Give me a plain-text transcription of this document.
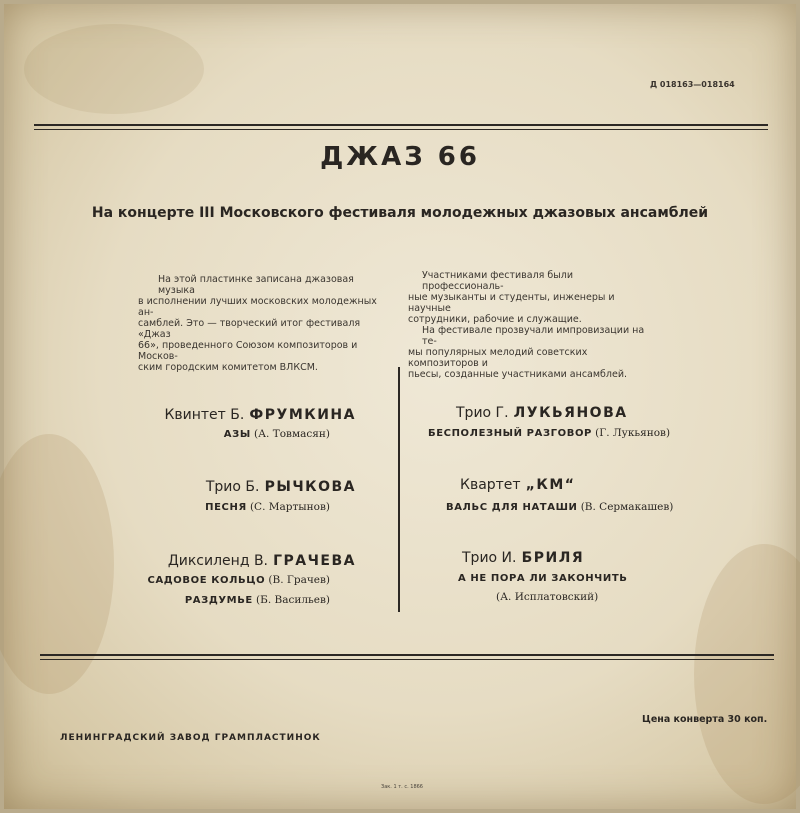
Д 018163—018164
ДЖАЗ 66
На концерте III Московского фестиваля молодежных джазовых ансамблей

На этой пластинке записана джазовая музыка

в исполнении лучших московских молодежных ан-

самблей. Это — творческий итог фестиваля «Джаз

66», проведенного Союзом композиторов и Москов-

ским городским комитетом ВЛКСМ.

Участниками фестиваля были профессиональ-

ные музыканты и студенты, инженеры и научные

сотрудники, рабочие и служащие.

На фестивале прозвучали импровизации на те-

мы популярных мелодий советских композиторов и

пьесы, созданные участниками ансамблей.

Квинтет Б. ФРУМКИНА
АЗЫ (А. Товмасян)
Трио Б. РЫЧКОВА
ПЕСНЯ (С. Мартынов)
Диксиленд В. ГРАЧЕВА
САДОВОЕ КОЛЬЦО (В. Грачев)
РАЗДУМЬЕ (Б. Васильев)
Трио Г. ЛУКЬЯНОВА
БЕСПОЛЕЗНЫЙ РАЗГОВОР (Г. Лукьянов)
Квартет „КМ“
ВАЛЬС ДЛЯ НАТАШИ (В. Сермакашев)
Трио И. БРИЛЯ
А НЕ ПОРА ЛИ ЗАКОНЧИТЬ
(А. Исплатовский)
ЛЕНИНГРАДСКИЙ ЗАВОД ГРАМПЛАСТИНОК
Цена конверта 30 коп.
Зак. 1 т. с. 1866
